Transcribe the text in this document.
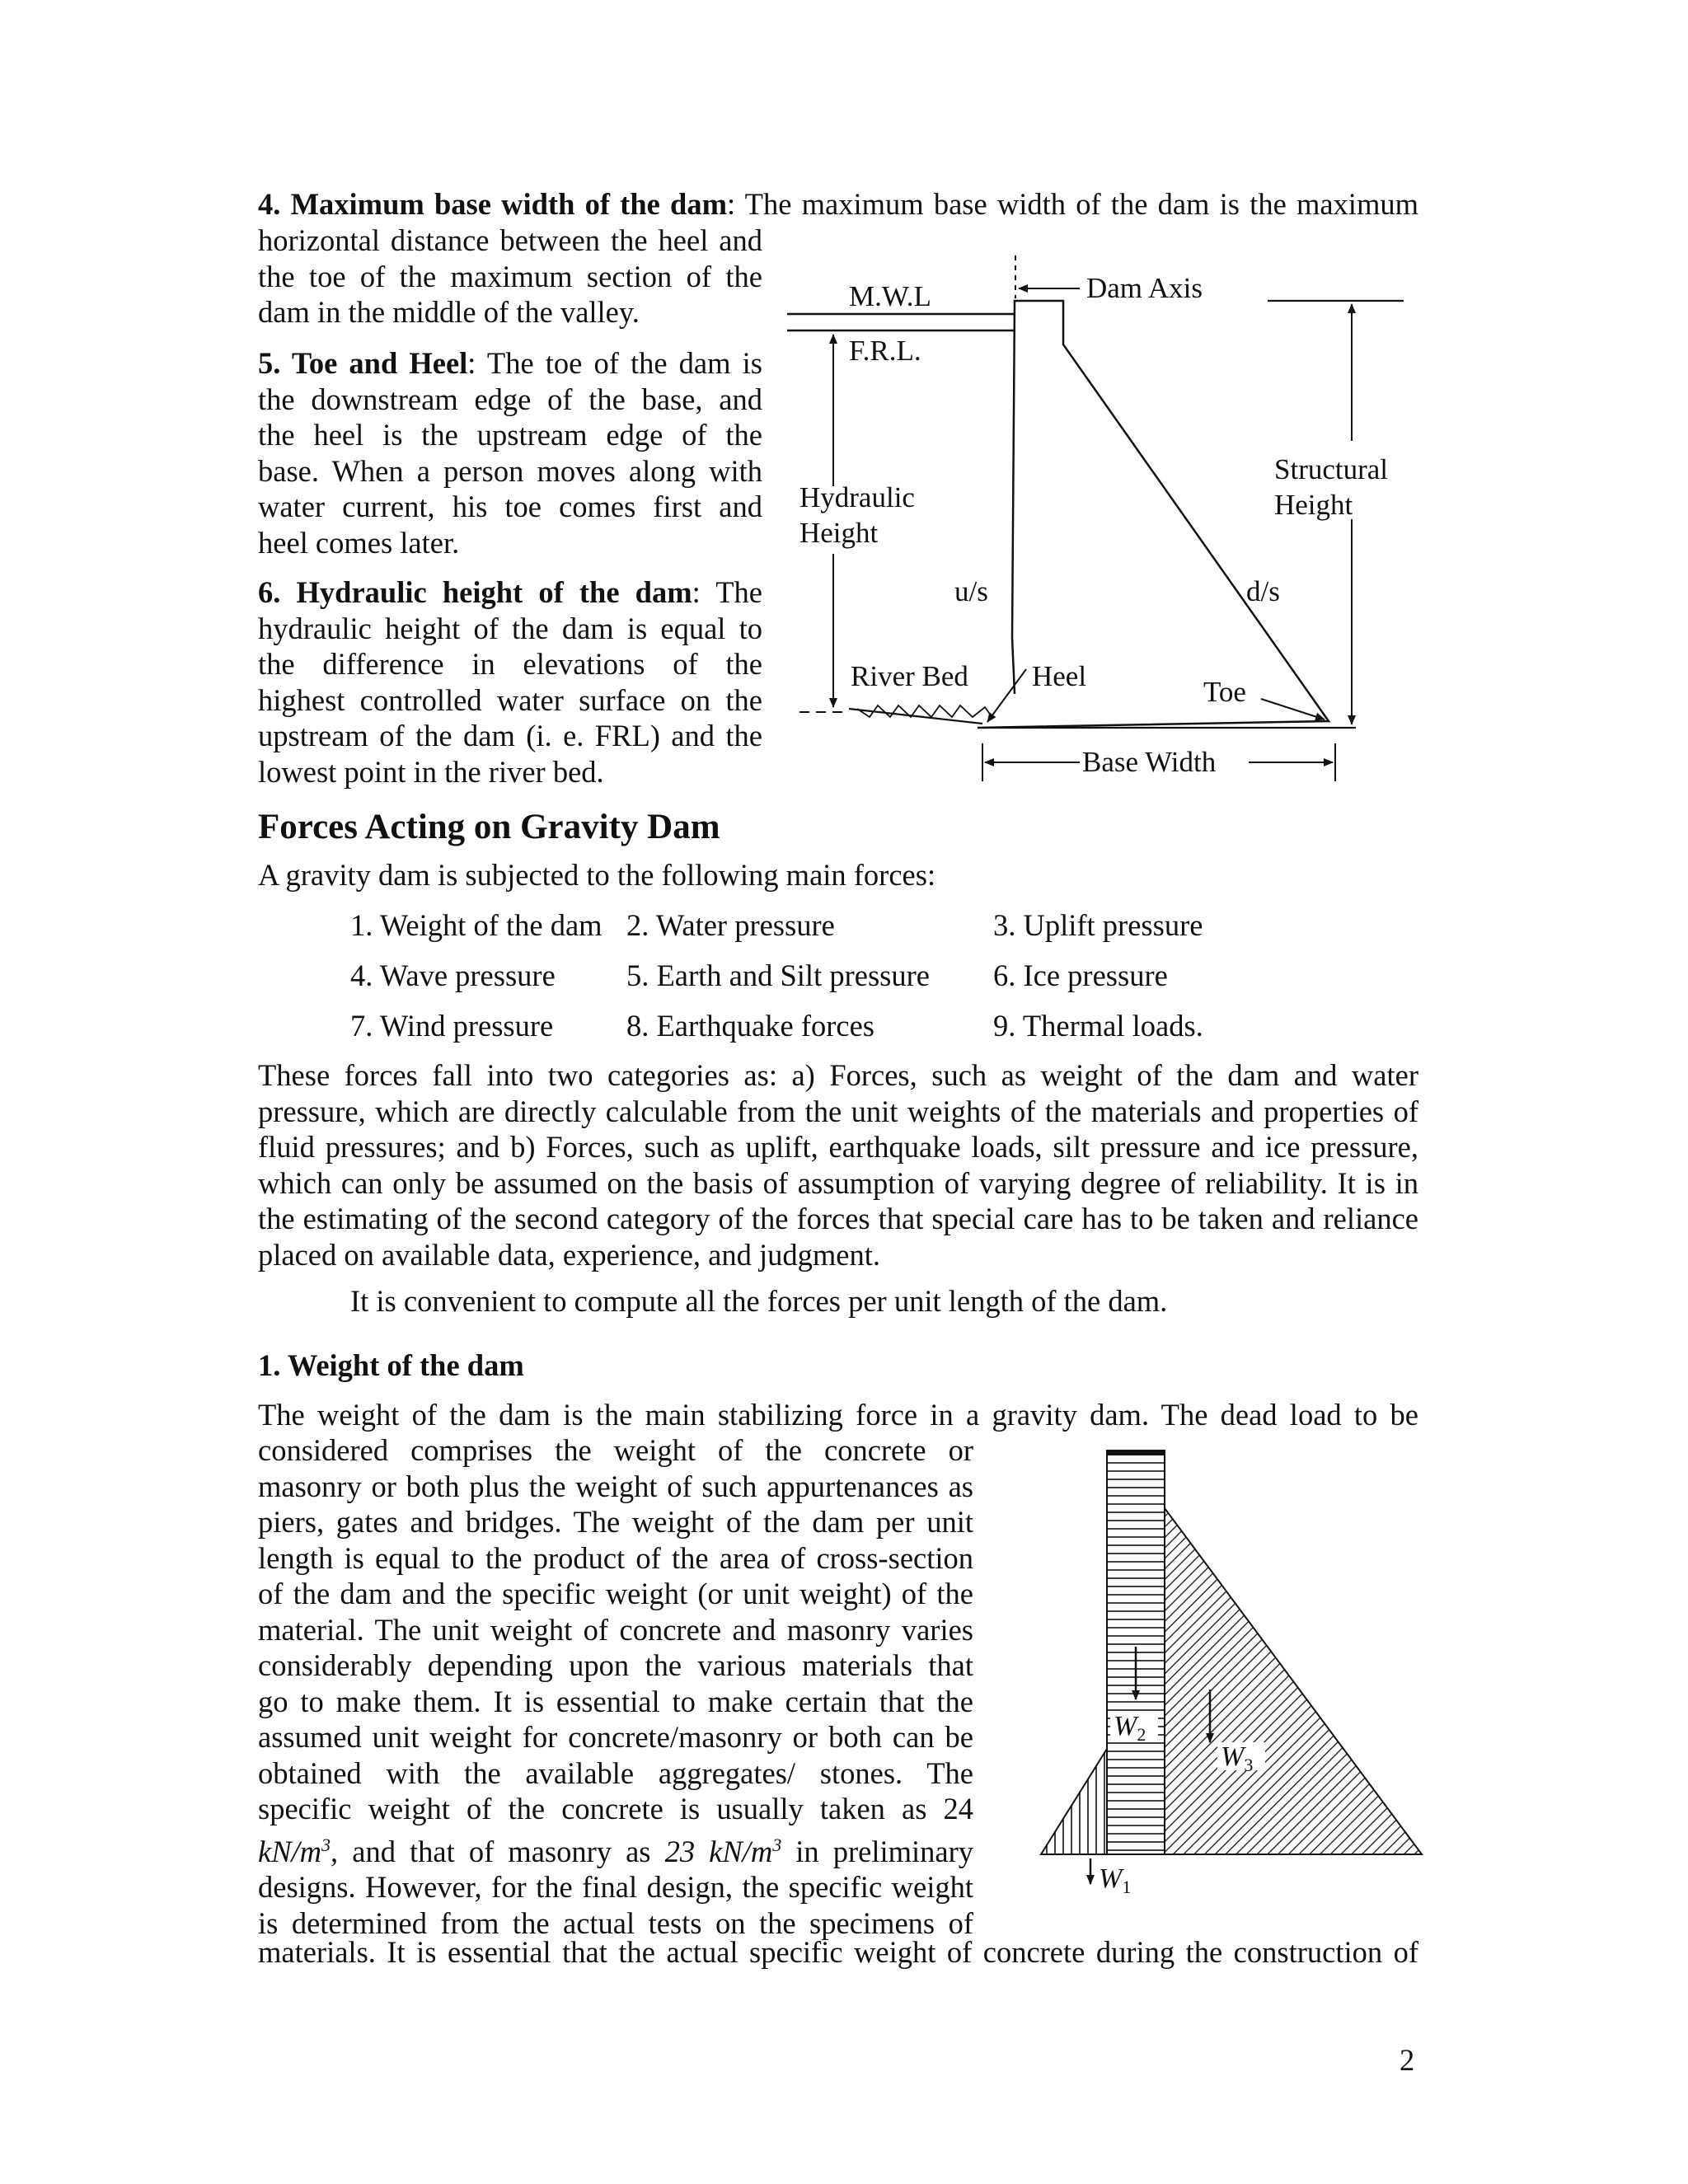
4. Maximum base width of the dam: The maximum base width of the dam is the maximum

horizontal distance between the heel and
the toe of the maximum section of the
dam in the middle of the valley.
5. Toe and Heel: The toe of the dam is
the downstream edge of the base, and
the heel is the upstream edge of the
base. When a person moves along with
water current, his toe comes first and
heel comes later.
6. Hydraulic height of the dam: The
hydraulic height of the dam is equal to
the difference in elevations of the
highest controlled water surface on the
upstream of the dam (i. e. FRL) and the
lowest point in the river bed.
M.W.L
F.R.L.
Dam Axis
Hydraulic
Height
Structural
Height
u/s	d/s
River Bed Heel	Toe
Base Width
Forces Acting on Gravity Dam

A gravity dam is subjected to the following main forces:

1. Weight of the dam 2. Water pressure	3. Uplift pressure
4. Wave pressure 5. Earth and Silt pressure 6. Ice pressure
7. Wind pressure 8. Earthquake forces	9. Thermal loads.

These forces fall into two categories as: a) Forces, such as weight of the dam and water pressure, which are directly calculable from the unit weights of the materials and properties of fluid pressures; and b) Forces, such as uplift, earthquake loads, silt pressure and ice pressure, which can only be assumed on the basis of assumption of varying degree of reliability. It is in the estimating of the second category of the forces that special care has to be taken and reliance placed on available data, experience, and judgment.

It is convenient to compute all the forces per unit length of the dam.

1. Weight of the dam

The weight of the dam is the main stabilizing force in a gravity dam. The dead load to be

considered comprises the weight of the concrete or
masonry or both plus the weight of such appurtenances as
piers, gates and bridges. The weight of the dam per unit
length is equal to the product of the area of cross-section
of the dam and the specific weight (or unit weight) of the
material. The unit weight of concrete and masonry varies
considerably depending upon the various materials that
go to make them. It is essential to make certain that the
assumed unit weight for concrete/masonry or both can be
obtained with the available aggregates/ stones. The
specific weight of the concrete is usually taken as 24
$kN/m^3$, and that of masonry as 23 $kN/m^3$ in preliminary
designs. However, for the final design, the specific weight
is determined from the actual tests on the specimens of

materials. It is essential that the actual specific weight of concrete during the construction of

$W_2$
$W_3$
$W_1$
2
